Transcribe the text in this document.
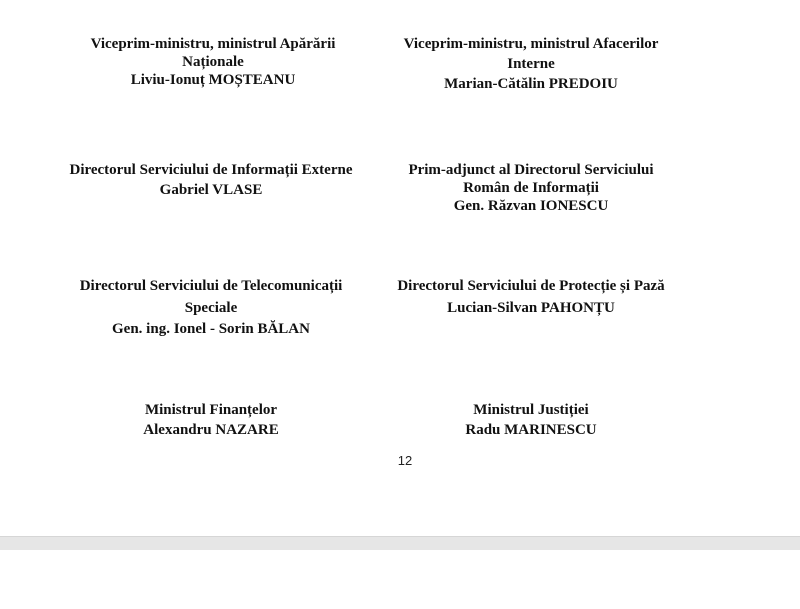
Viceprim-ministru, ministrul Apărării
Naționale
Liviu-Ionuț MOȘTEANU
Viceprim-ministru, ministrul Afacerilor
Interne
Marian-Cătălin PREDOIU
Directorul Serviciului de Informații Externe
Gabriel VLASE
Prim-adjunct al Directorul Serviciului
Român de Informații
Gen. Răzvan IONESCU
Directorul Serviciului de Telecomunicații
Speciale
Gen. ing. Ionel - Sorin BĂLAN
Directorul Serviciului de Protecție și Pază
Lucian-Silvan PAHONȚU
Ministrul Finanțelor
Alexandru NAZARE
Ministrul Justiției
Radu MARINESCU
12
